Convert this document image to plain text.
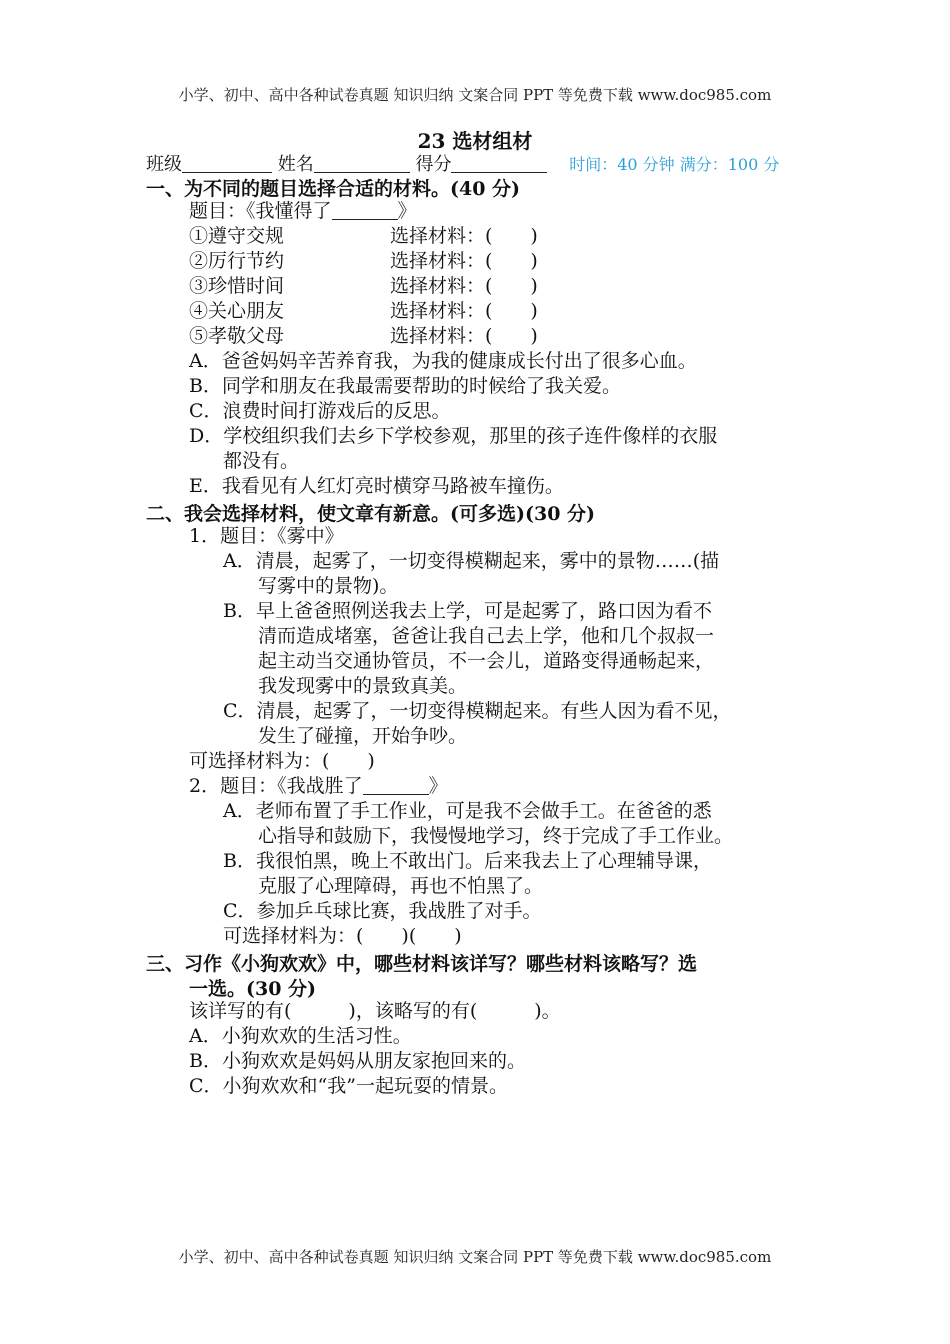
小学、初中、高中各种试卷真题 知识归纳 文案合同 PPT 等免费下载 www.doc985.com
23 选材组材
班级	姓名	得分	时间：40 分钟 满分：100 分
一、为不同的题目选择合适的材料。(40 分)
题目：《我懂得了	》
①遵守交规	选择材料：(　　)
②厉行节约	选择材料：(　　)
③珍惜时间	选择材料：(　　)
④关心朋友	选择材料：(　　)
⑤孝敬父母	选择材料：(　　)
A．爸爸妈妈辛苦养育我，为我的健康成长付出了很多心血。
B．同学和朋友在我最需要帮助的时候给了我关爱。
C．浪费时间打游戏后的反思。
D．学校组织我们去乡下学校参观，那里的孩子连件像样的衣服
都没有。
E．我看见有人红灯亮时横穿马路被车撞伤。
二、我会选择材料，使文章有新意。(可多选)(30 分)
1．题目：《雾中》
A．清晨，起雾了，一切变得模糊起来，雾中的景物……(描
写雾中的景物)。
B．早上爸爸照例送我去上学，可是起雾了，路口因为看不
清而造成堵塞，爸爸让我自己去上学，他和几个叔叔一
起主动当交通协管员，不一会儿，道路变得通畅起来，
我发现雾中的景致真美。
C．清晨，起雾了，一切变得模糊起来。有些人因为看不见，
发生了碰撞，开始争吵。
可选择材料为：(　　)
2．题目：《我战胜了	》
A．老师布置了手工作业，可是我不会做手工。在爸爸的悉
心指导和鼓励下，我慢慢地学习，终于完成了手工作业。
B．我很怕黑，晚上不敢出门。后来我去上了心理辅导课，
克服了心理障碍，再也不怕黑了。
C．参加乒乓球比赛，我战胜了对手。
可选择材料为：(　　)(　　)
三、习作《小狗欢欢》中，哪些材料该详写？哪些材料该略写？选
一选。(30 分)
该详写的有(　　　)，该略写的有(　　　)。
A．小狗欢欢的生活习性。
B．小狗欢欢是妈妈从朋友家抱回来的。
C．小狗欢欢和“我”一起玩耍的情景。
小学、初中、高中各种试卷真题 知识归纳 文案合同 PPT 等免费下载 www.doc985.com
